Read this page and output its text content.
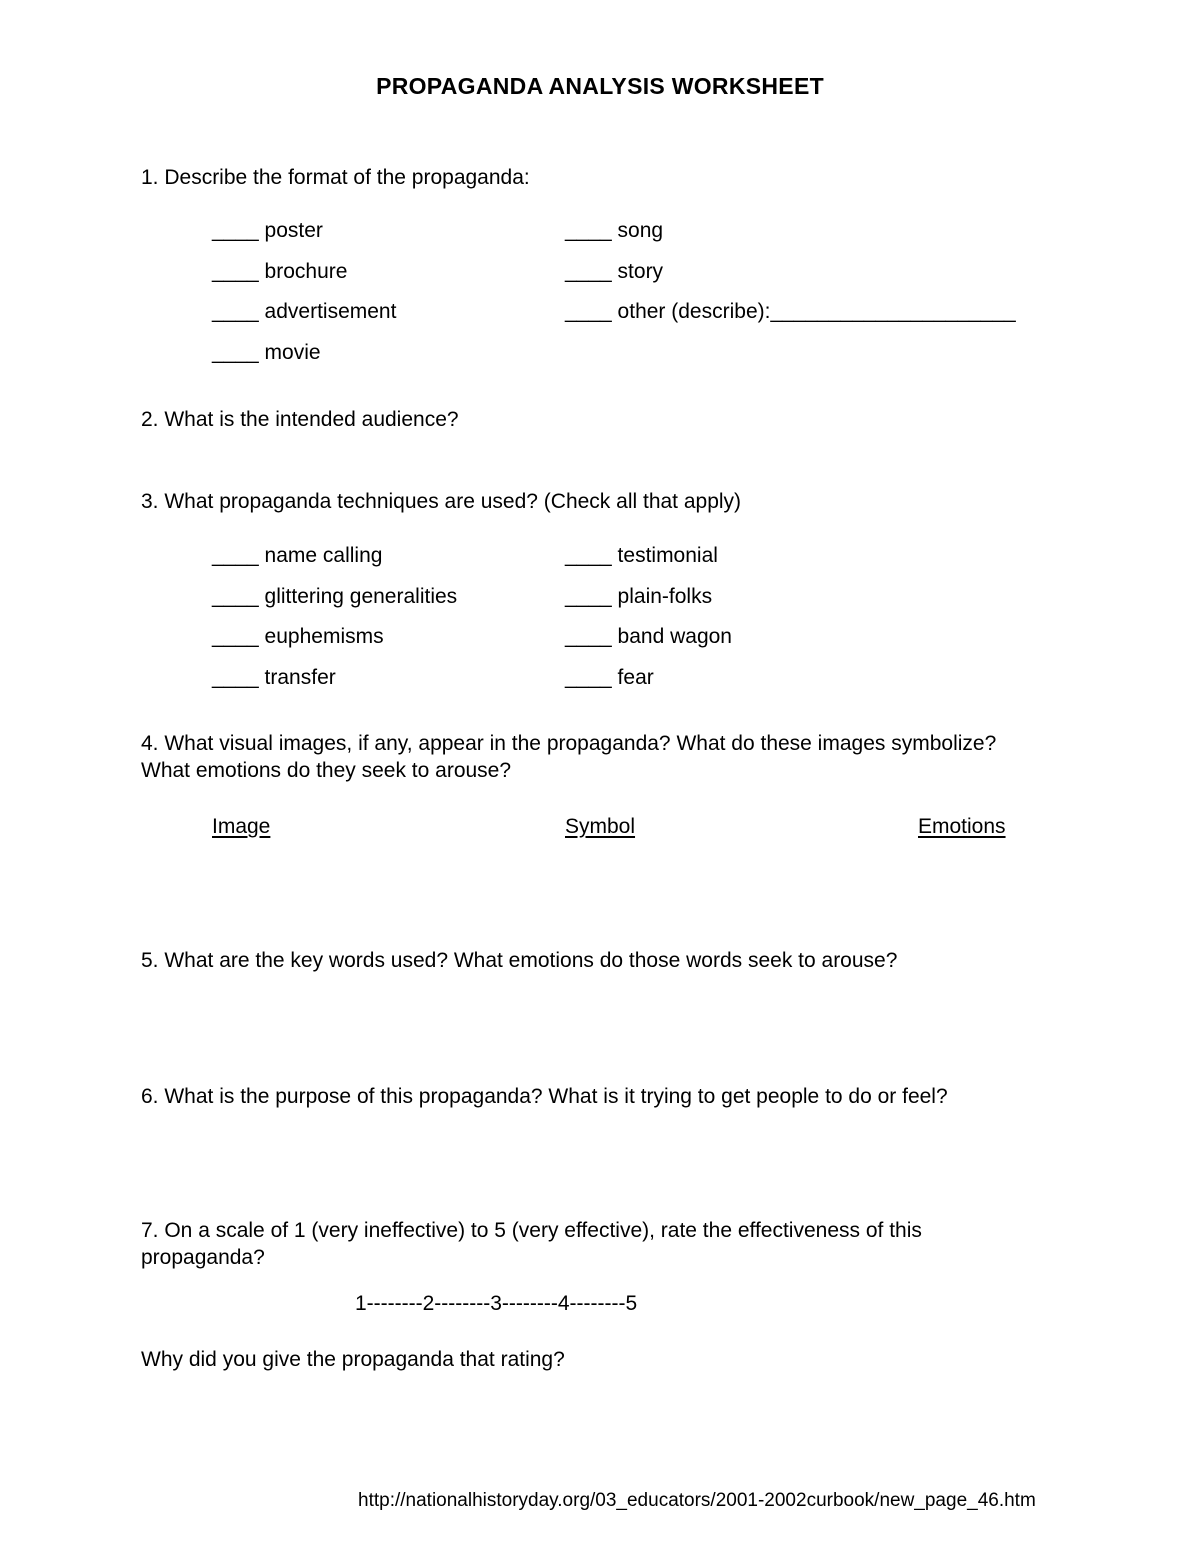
PROPAGANDA ANALYSIS WORKSHEET
1. Describe the format of the propaganda:
____ poster
____ brochure
____ advertisement
____ movie
____ song
____ story
____ other (describe):_____________________
2. What is the intended audience?
3. What propaganda techniques are used? (Check all that apply)
____ name calling
____ glittering generalities
____ euphemisms
____ transfer
____ testimonial
____ plain-folks
____ band wagon
____ fear
4. What visual images, if any, appear in the propaganda? What do these images symbolize? What emotions do they seek to arouse?
Image	Symbol	Emotions
5. What are the key words used? What emotions do those words seek to arouse?
6. What is the purpose of this propaganda? What is it trying to get people to do or feel?
7. On a scale of 1 (very ineffective) to 5 (very effective), rate the effectiveness of this propaganda?
1--------2--------3--------4--------5
Why did you give the propaganda that rating?
http://nationalhistoryday.org/03_educators/2001-2002curbook/new_page_46.htm
